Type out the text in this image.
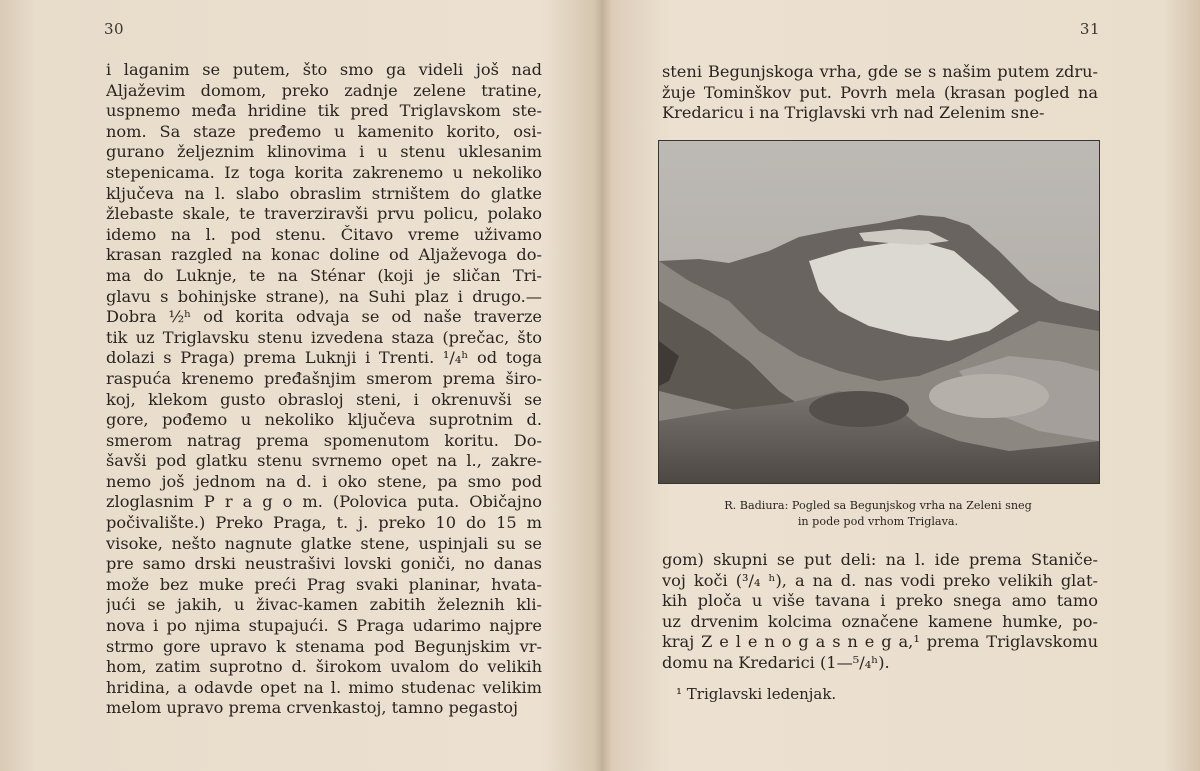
30
i laganim se putem, što smo ga videli još nad
Aljaževim domom, preko zadnje zelene tratine,
uspnemo međa hridine tik pred Triglavskom ste-
nom. Sa staze pređemo u kamenito korito, osi-
gurano željeznim klinovima i u stenu uklesanim
stepenicama. Iz toga korita zakrenemo u nekoliko
ključeva na l. slabo obraslim strništem do glatke
žlebaste skale, te traverziravši prvu policu, polako
idemo na l. pod stenu. Čitavo vreme uživamo
krasan razgled na konac doline od Aljaževoga do-
ma do Luknje, te na Sténar (koji je sličan Tri-
glavu s bohinjske strane), na Suhi plaz i drugo.—
Dobra ½ʰ od korita odvaja se od naše traverze
tik uz Triglavsku stenu izvedena staza (prečac, što
dolazi s Praga) prema Luknji i Trenti. ¹/₄ʰ od toga
raspuća krenemo pređašnjim smerom prema širo-
koj, klekom gusto obrasloj steni, i okrenuvši se
gore, pođemo u nekoliko ključeva suprotnim d.
smerom natrag prema spomenutom koritu. Do-
šavši pod glatku stenu svrnemo opet na l., zakre-
nemo još jednom na d. i oko stene, pa smo pod
zloglasnim P r a g o m. (Polovica puta. Običajno
počivalište.) Preko Praga, t. j. preko 10 do 15 m
visoke, nešto nagnute glatke stene, uspinjali su se
pre samo drski neustrašivi lovski goniči, no danas
može bez muke preći Prag svaki planinar, hvata-
jući se jakih, u živac-kamen zabitih železnih kli-
nova i po njima stupajući. S Praga udarimo najpre
strmo gore upravo k stenama pod Begunjskim vr-
hom, zatim suprotno d. širokom uvalom do velikih
hridina, a odavde opet na l. mimo studenac velikim
melom upravo prema crvenkastoj, tamno pegastoj
31
steni Begunjskoga vrha, gde se s našim putem zdru-
žuje Tominškov put. Povrh mela (krasan pogled na
Kredaricu i na Triglavski vrh nad Zelenim sne-
R. Badiura: Pogled sa Begunjskog vrha na Zeleni sneg
in pode pod vrhom Triglava.
gom) skupni se put deli: na l. ide prema Staniče-
voj koči (³/₄ ʰ), a na d. nas vodi preko velikih glat-
kih ploča u više tavana i preko snega amo tamo
uz drvenim kolcima označene kamene humke, po-
kraj Z e l e n o g a s n e g a,¹ prema Triglavskomu
domu na Kredarici (1—⁵/₄ʰ).
¹ Triglavski ledenjak.
